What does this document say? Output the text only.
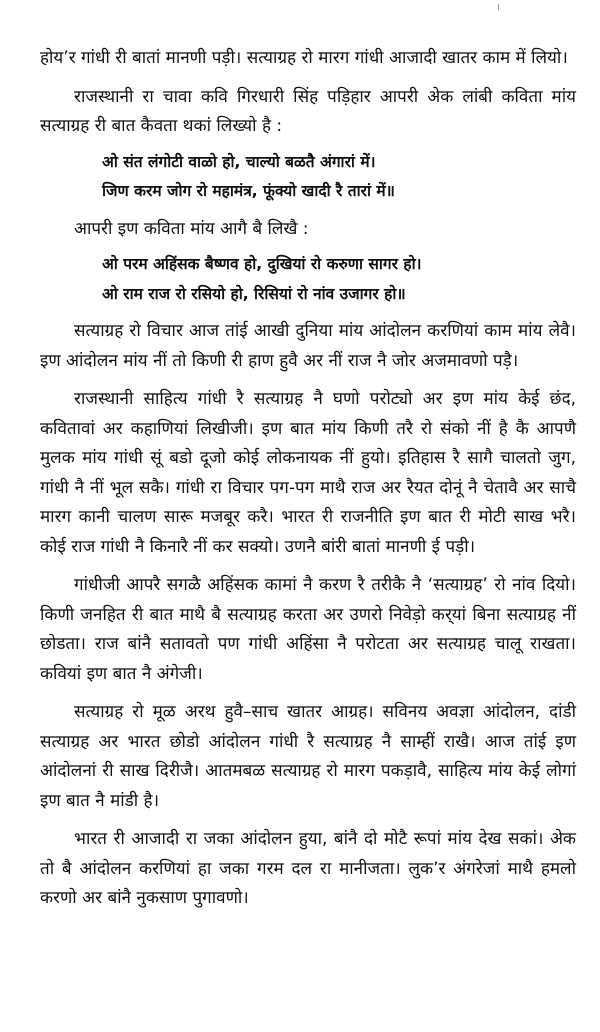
होय’र गांधी री बातां मानणी पड़ी। सत्याग्रह रो मारग गांधी आजादी खातर काम में लियो।

राजस्थानी रा चावा कवि गिरधारी सिंह पड़िहार आपरी अेक लांबी कविता मांय सत्याग्रह री बात कैवता थकां लिख्यो है :

ओ संत लंगोटी वाळो हो, चाल्यो बळतै अंगारां में।
जिण करम जोग रो महामंत्र, फूंक्यो खादी रै तारां में॥

आपरी इण कविता मांय आगै बै लिखै :

ओ परम अहिंसक बैष्णव हो, दुखियां रो करुणा सागर हो।
ओ राम राज रो रसियो हो, रिसियां रो नांव उजागर हो॥

सत्याग्रह रो विचार आज तांई आखी दुनिया मांय आंदोलन करणियां काम मांय लेवै। इण आंदोलन मांय नीं तो किणी री हाण हुवै अर नीं राज नै जोर अजमावणो पड़ै।

राजस्थानी साहित्य गांधी रै सत्याग्रह नै घणो परोट्यो अर इण मांय केई छंद, कवितावां अर कहाणियां लिखीजी। इण बात मांय किणी तरै रो संको नीं है कै आपणै मुलक मांय गांधी सूं बडो दूजो कोई लोकनायक नीं हुयो। इतिहास रै सागै चालतो जुग, गांधी नै नीं भूल सकै। गांधी रा विचार पग-पग माथै राज अर रैयत दोनूं नै चेतावै अर साचै मारग कानी चालण सारू मजबूर करै। भारत री राजनीति इण बात री मोटी साख भरै। कोई राज गांधी नै किनारै नीं कर सक्यो। उणनै बांरी बातां मानणी ई पड़ी।

गांधीजी आपरै सगळै अहिंसक कामां नै करण रै तरीकै नै ‘सत्याग्रह’ रो नांव दियो। किणी जनहित री बात माथै बै सत्याग्रह करता अर उणरो निवेड़ो कर्‌यां बिना सत्याग्रह नीं छोडता। राज बांनै सतावतो पण गांधी अहिंसा नै परोटता अर सत्याग्रह चालू राखता। कवियां इण बात नै अंगेजी।

सत्याग्रह रो मूळ अरथ हुवै–साच खातर आग्रह। सविनय अवज्ञा आंदोलन, दांडी सत्याग्रह अर भारत छोडो आंदोलन गांधी रै सत्याग्रह नै साम्हीं राखै। आज तांई इण आंदोलनां री साख दिरीजै। आतमबळ सत्याग्रह रो मारग पकड़ावै, साहित्य मांय केई लोगां इण बात नै मांडी है।

भारत री आजादी रा जका आंदोलन हुया, बांनै दो मोटै रूपां मांय देख सकां। अेक तो बै आंदोलन करणियां हा जका गरम दल रा मानीजता। लुक’र अंगरेजां माथै हमलो करणो अर बांनै नुकसाण पुगावणो।
